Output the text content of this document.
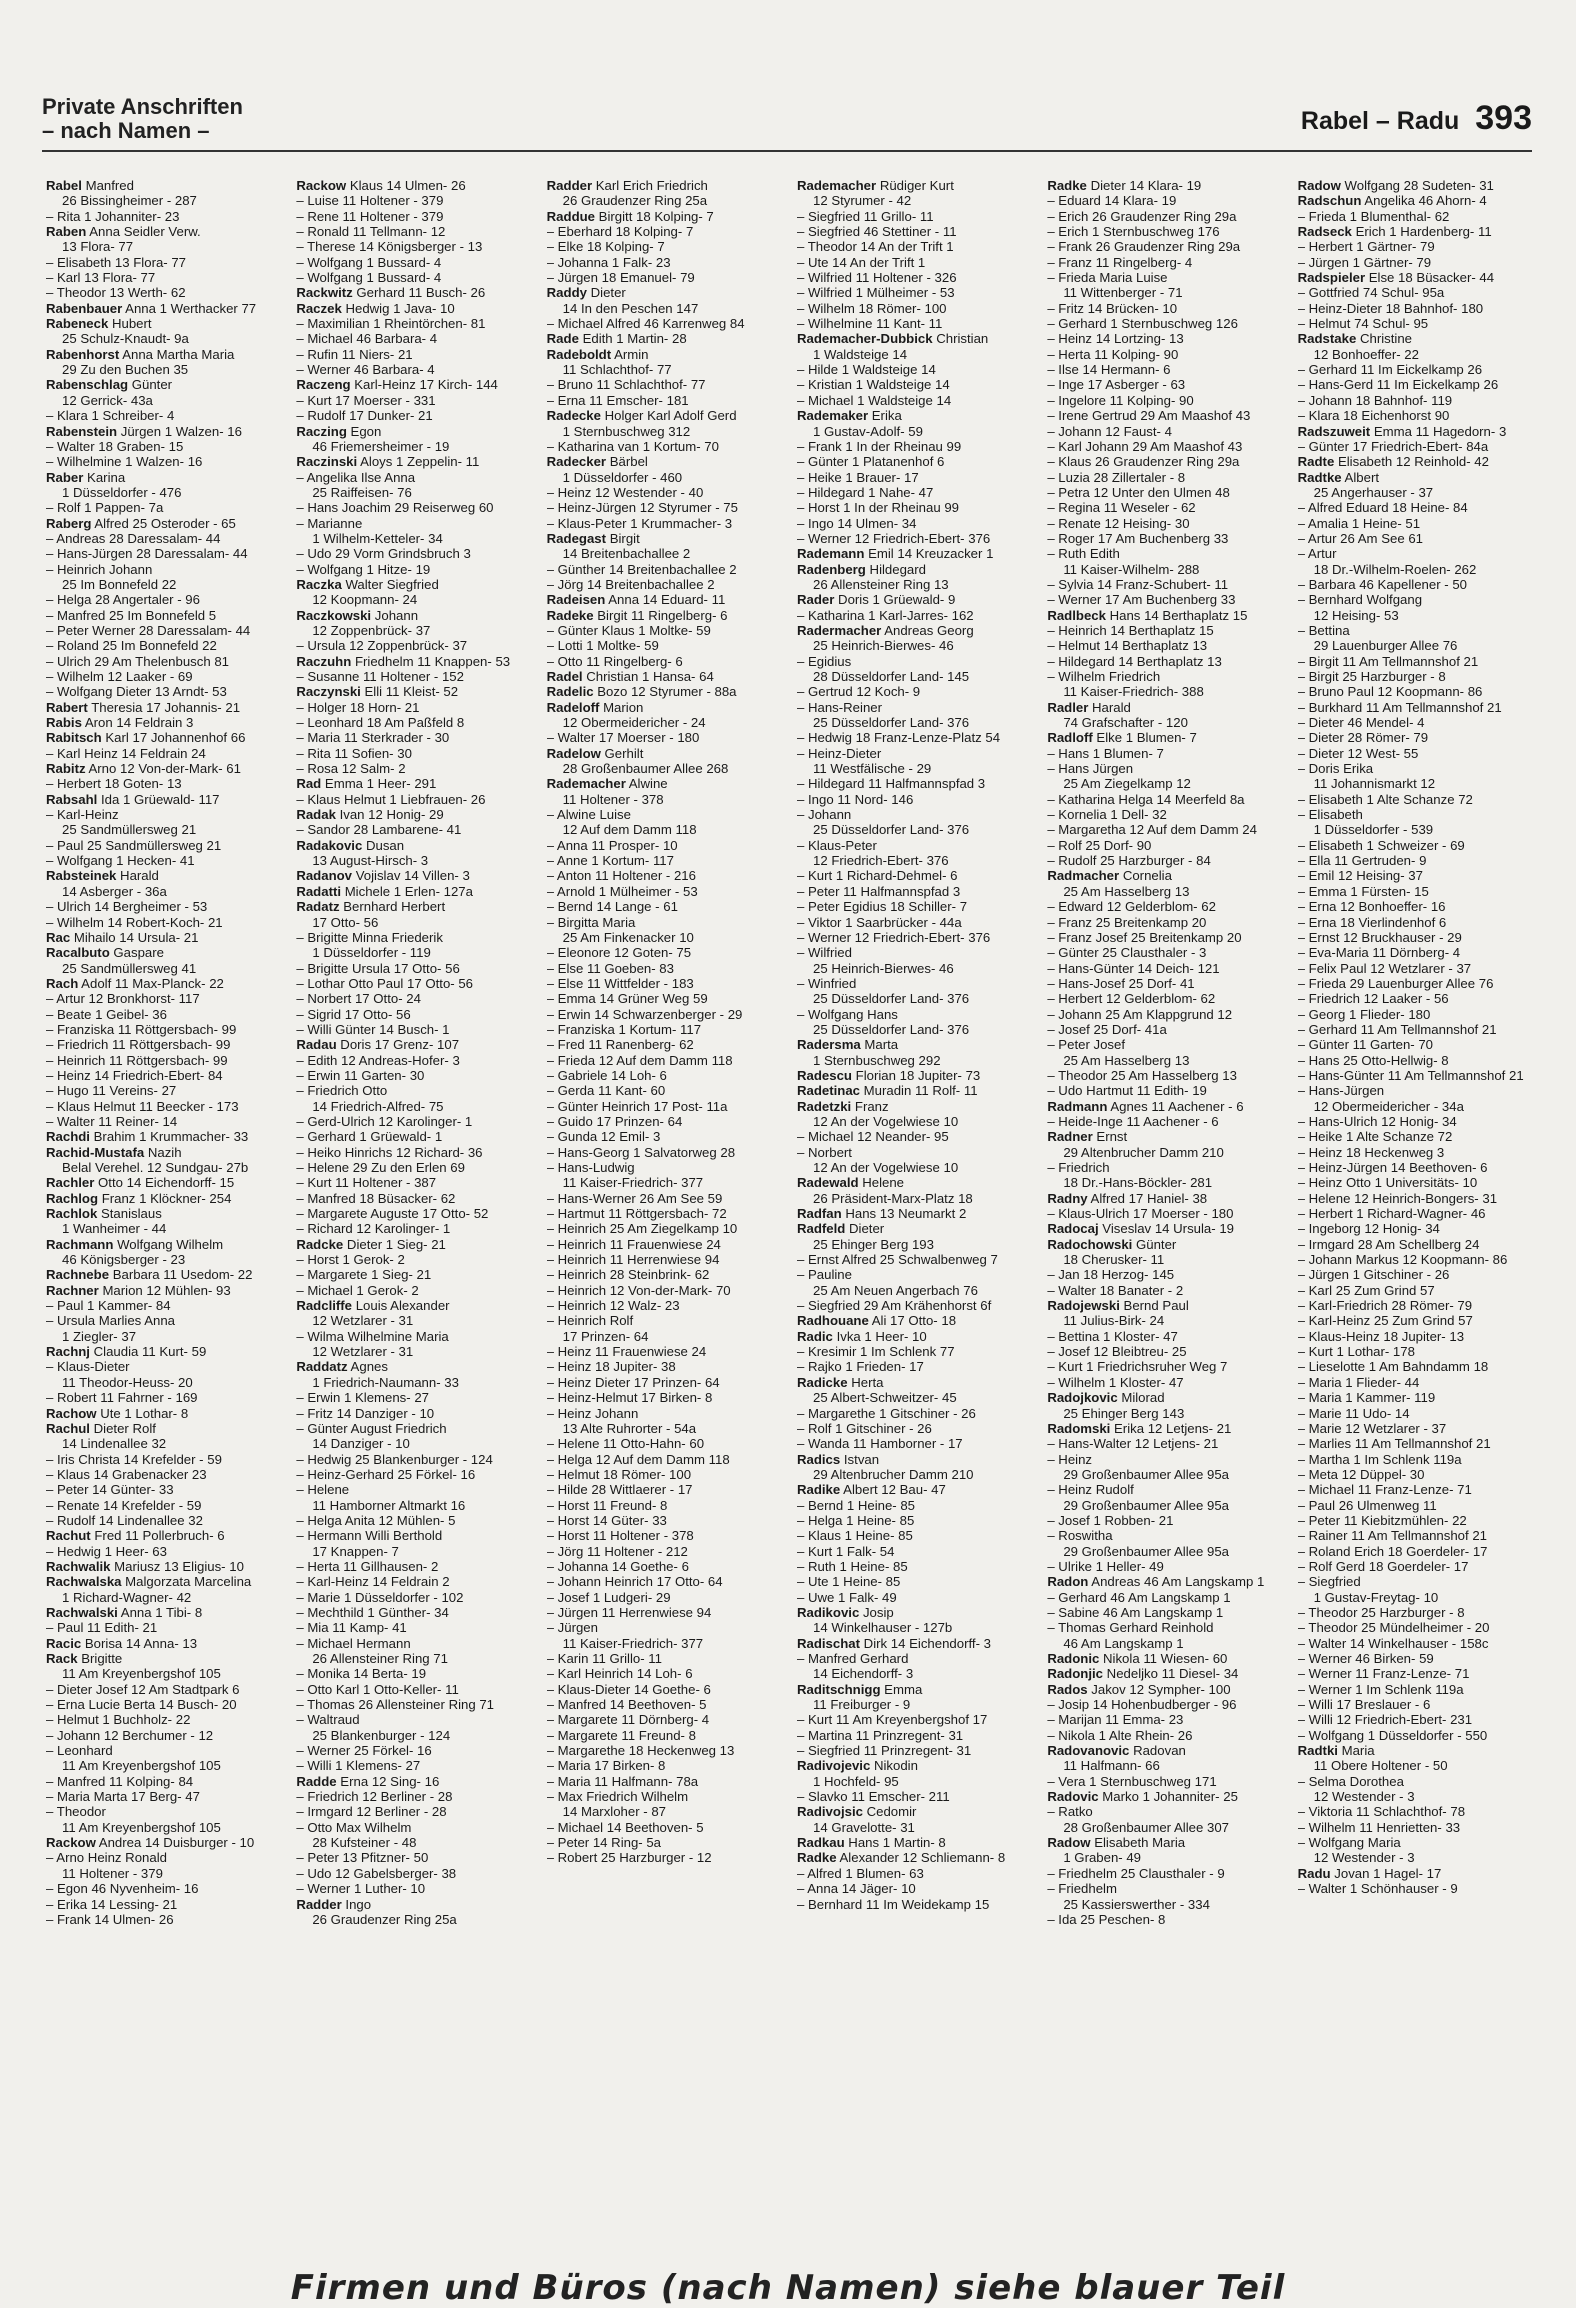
Private Anschriften
– nach Namen –	Rabel – Radu 393
Rabel Manfred
26 Bissingheimer - 287
– Rita 1 Johanniter- 23
Raben Anna Seidler Verw.
13 Flora- 77
– Elisabeth 13 Flora- 77
– Karl 13 Flora- 77
– Theodor 13 Werth- 62
Rabenbauer Anna 1 Werthacker 77
Rabeneck Hubert
25 Schulz-Knaudt- 9a
Rabenhorst Anna Martha Maria
29 Zu den Buchen 35
Rabenschlag Günter
12 Gerrick- 43a
– Klara 1 Schreiber- 4
Rabenstein Jürgen 1 Walzen- 16
– Walter 18 Graben- 15
– Wilhelmine 1 Walzen- 16
Raber Karina
1 Düsseldorfer - 476
– Rolf 1 Pappen- 7a
Raberg Alfred 25 Osteroder - 65
– Andreas 28 Daressalam- 44
– Hans-Jürgen 28 Daressalam- 44
– Heinrich Johann
25 Im Bonnefeld 22
– Helga 28 Angertaler - 96
– Manfred 25 Im Bonnefeld 5
– Peter Werner 28 Daressalam- 44
– Roland 25 Im Bonnefeld 22
– Ulrich 29 Am Thelenbusch 81
– Wilhelm 12 Laaker - 69
– Wolfgang Dieter 13 Arndt- 53
Rabert Theresia 17 Johannis- 21
Rabis Aron 14 Feldrain 3
Rabitsch Karl 17 Johannenhof 66
– Karl Heinz 14 Feldrain 24
Rabitz Arno 12 Von-der-Mark- 61
– Herbert 18 Goten- 13
Rabsahl Ida 1 Grüewald- 117
– Karl-Heinz
25 Sandmüllersweg 21
– Paul 25 Sandmüllersweg 21
– Wolfgang 1 Hecken- 41
Rabsteinek Harald
14 Asberger - 36a
– Ulrich 14 Bergheimer - 53
– Wilhelm 14 Robert-Koch- 21
Rac Mihailo 14 Ursula- 21
Racalbuto Gaspare
25 Sandmüllersweg 41
Rach Adolf 11 Max-Planck- 22
– Artur 12 Bronkhorst- 117
– Beate 1 Geibel- 36
– Franziska 11 Röttgersbach- 99
– Friedrich 11 Röttgersbach- 99
– Heinrich 11 Röttgersbach- 99
– Heinz 14 Friedrich-Ebert- 84
– Hugo 11 Vereins- 27
– Klaus Helmut 11 Beecker - 173
– Walter 11 Reiner- 14
Rachdi Brahim 1 Krummacher- 33
Rachid-Mustafa Nazih
Belal Verehel. 12 Sundgau- 27b
Rachler Otto 14 Eichendorff- 15
Rachlog Franz 1 Klöckner- 254
Rachlok Stanislaus
1 Wanheimer - 44
Rachmann Wolfgang Wilhelm
46 Königsberger - 23
Rachnebe Barbara 11 Usedom- 22
Rachner Marion 12 Mühlen- 93
– Paul 1 Kammer- 84
– Ursula Marlies Anna
1 Ziegler- 37
Rachnj Claudia 11 Kurt- 59
– Klaus-Dieter
11 Theodor-Heuss- 20
– Robert 11 Fahrner - 169
Rachow Ute 1 Lothar- 8
Rachul Dieter Rolf
14 Lindenallee 32
– Iris Christa 14 Krefelder - 59
– Klaus 14 Grabenacker 23
– Peter 14 Günter- 33
– Renate 14 Krefelder - 59
– Rudolf 14 Lindenallee 32
Rachut Fred 11 Pollerbruch- 6
– Hedwig 1 Heer- 63
Rachwalik Mariusz 13 Eligius- 10
Rachwalska Malgorzata Marcelina
1 Richard-Wagner- 42
Rachwalski Anna 1 Tibi- 8
– Paul 11 Edith- 21
Racic Borisa 14 Anna- 13
Rack Brigitte
11 Am Kreyenbergshof 105
– Dieter Josef 12 Am Stadtpark 6
– Erna Lucie Berta 14 Busch- 20
– Helmut 1 Buchholz- 22
– Johann 12 Berchumer - 12
– Leonhard
11 Am Kreyenbergshof 105
– Manfred 11 Kolping- 84
– Maria Marta 17 Berg- 47
– Theodor
11 Am Kreyenbergshof 105
Rackow Andrea 14 Duisburger - 10
– Arno Heinz Ronald
11 Holtener - 379
– Egon 46 Nyvenheim- 16
– Erika 14 Lessing- 21
– Frank 14 Ulmen- 26
Rackow Klaus 14 Ulmen- 26
– Luise 11 Holtener - 379
– Rene 11 Holtener - 379
– Ronald 11 Tellmann- 12
– Therese 14 Königsberger - 13
– Wolfgang 1 Bussard- 4
– Wolfgang 1 Bussard- 4
Rackwitz Gerhard 11 Busch- 26
Raczek Hedwig 1 Java- 10
– Maximilian 1 Rheintörchen- 81
– Michael 46 Barbara- 4
– Rufin 11 Niers- 21
– Werner 46 Barbara- 4
Raczeng Karl-Heinz 17 Kirch- 144
– Kurt 17 Moerser - 331
– Rudolf 17 Dunker- 21
Raczing Egon
46 Friemersheimer - 19
Raczinski Aloys 1 Zeppelin- 11
– Angelika Ilse Anna
25 Raiffeisen- 76
– Hans Joachim 29 Reiserweg 60
– Marianne
1 Wilhelm-Ketteler- 34
– Udo 29 Vorm Grindsbruch 3
– Wolfgang 1 Hitze- 19
Raczka Walter Siegfried
12 Koopmann- 24
Raczkowski Johann
12 Zoppenbrück- 37
– Ursula 12 Zoppenbrück- 37
Raczuhn Friedhelm 11 Knappen- 53
– Susanne 11 Holtener - 152
Raczynski Elli 11 Kleist- 52
– Holger 18 Horn- 21
– Leonhard 18 Am Paßfeld 8
– Maria 11 Sterkrader - 30
– Rita 11 Sofien- 30
– Rosa 12 Salm- 2
Rad Emma 1 Heer- 291
– Klaus Helmut 1 Liebfrauen- 26
Radak Ivan 12 Honig- 29
– Sandor 28 Lambarene- 41
Radakovic Dusan
13 August-Hirsch- 3
Radanov Vojislav 14 Villen- 3
Radatti Michele 1 Erlen- 127a
Radatz Bernhard Herbert
17 Otto- 56
– Brigitte Minna Friederik
1 Düsseldorfer - 119
– Brigitte Ursula 17 Otto- 56
– Lothar Otto Paul 17 Otto- 56
– Norbert 17 Otto- 24
– Sigrid 17 Otto- 56
– Willi Günter 14 Busch- 1
Radau Doris 17 Grenz- 107
– Edith 12 Andreas-Hofer- 3
– Erwin 11 Garten- 30
– Friedrich Otto
14 Friedrich-Alfred- 75
– Gerd-Ulrich 12 Karolinger- 1
– Gerhard 1 Grüewald- 1
– Heiko Hinrichs 12 Richard- 36
– Helene 29 Zu den Erlen 69
– Kurt 11 Holtener - 387
– Manfred 18 Büsacker- 62
– Margarete Auguste 17 Otto- 52
– Richard 12 Karolinger- 1
Radcke Dieter 1 Sieg- 21
– Horst 1 Gerok- 2
– Margarete 1 Sieg- 21
– Michael 1 Gerok- 2
Radcliffe Louis Alexander
12 Wetzlarer - 31
– Wilma Wilhelmine Maria
12 Wetzlarer - 31
Raddatz Agnes
1 Friedrich-Naumann- 33
– Erwin 1 Klemens- 27
– Fritz 14 Danziger - 10
– Günter August Friedrich
14 Danziger - 10
– Hedwig 25 Blankenburger - 124
– Heinz-Gerhard 25 Förkel- 16
– Helene
11 Hamborner Altmarkt 16
– Helga Anita 12 Mühlen- 5
– Hermann Willi Berthold
17 Knappen- 7
– Herta 11 Gillhausen- 2
– Karl-Heinz 14 Feldrain 2
– Marie 1 Düsseldorfer - 102
– Mechthild 1 Günther- 34
– Mia 11 Kamp- 41
– Michael Hermann
26 Allensteiner Ring 71
– Monika 14 Berta- 19
– Otto Karl 1 Otto-Keller- 11
– Thomas 26 Allensteiner Ring 71
– Waltraud
25 Blankenburger - 124
– Werner 25 Förkel- 16
– Willi 1 Klemens- 27
Radde Erna 12 Sing- 16
– Friedrich 12 Berliner - 28
– Irmgard 12 Berliner - 28
– Otto Max Wilhelm
28 Kufsteiner - 48
– Peter 13 Pfitzner- 50
– Udo 12 Gabelsberger- 38
– Werner 1 Luther- 10
Radder Ingo
26 Graudenzer Ring 25a
Radder Karl Erich Friedrich
26 Graudenzer Ring 25a
Raddue Birgitt 18 Kolping- 7
– Eberhard 18 Kolping- 7
– Elke 18 Kolping- 7
– Johanna 1 Falk- 23
– Jürgen 18 Emanuel- 79
Raddy Dieter
14 In den Peschen 147
– Michael Alfred 46 Karrenweg 84
Rade Edith 1 Martin- 28
Radeboldt Armin
11 Schlachthof- 77
– Bruno 11 Schlachthof- 77
– Erna 11 Emscher- 181
Radecke Holger Karl Adolf Gerd
1 Sternbuschweg 312
– Katharina van 1 Kortum- 70
Radecker Bärbel
1 Düsseldorfer - 460
– Heinz 12 Westender - 40
– Heinz-Jürgen 12 Styrumer - 75
– Klaus-Peter 1 Krummacher- 3
Radegast Birgit
14 Breitenbachallee 2
– Günther 14 Breitenbachallee 2
– Jörg 14 Breitenbachallee 2
Radeisen Anna 14 Eduard- 11
Radeke Birgit 11 Ringelberg- 6
– Günter Klaus 1 Moltke- 59
– Lotti 1 Moltke- 59
– Otto 11 Ringelberg- 6
Radel Christian 1 Hansa- 64
Radelic Bozo 12 Styrumer - 88a
Radeloff Marion
12 Obermeidericher - 24
– Walter 17 Moerser - 180
Radelow Gerhilt
28 Großenbaumer Allee 268
Rademacher Alwine
11 Holtener - 378
– Alwine Luise
12 Auf dem Damm 118
– Anna 11 Prosper- 10
– Anne 1 Kortum- 117
– Anton 11 Holtener - 216
– Arnold 1 Mülheimer - 53
– Bernd 14 Lange - 61
– Birgitta Maria
25 Am Finkenacker 10
– Eleonore 12 Goten- 75
– Else 11 Goeben- 83
– Else 11 Wittfelder - 183
– Emma 14 Grüner Weg 59
– Erwin 14 Schwarzenberger - 29
– Franziska 1 Kortum- 117
– Fred 11 Ranenberg- 62
– Frieda 12 Auf dem Damm 118
– Gabriele 14 Loh- 6
– Gerda 11 Kant- 60
– Günter Heinrich 17 Post- 11a
– Guido 17 Prinzen- 64
– Gunda 12 Emil- 3
– Hans-Georg 1 Salvatorweg 28
– Hans-Ludwig
11 Kaiser-Friedrich- 377
– Hans-Werner 26 Am See 59
– Hartmut 11 Röttgersbach- 72
– Heinrich 25 Am Ziegelkamp 10
– Heinrich 11 Frauenwiese 24
– Heinrich 11 Herrenwiese 94
– Heinrich 28 Steinbrink- 62
– Heinrich 12 Von-der-Mark- 70
– Heinrich 12 Walz- 23
– Heinrich Rolf
17 Prinzen- 64
– Heinz 11 Frauenwiese 24
– Heinz 18 Jupiter- 38
– Heinz Dieter 17 Prinzen- 64
– Heinz-Helmut 17 Birken- 8
– Heinz Johann
13 Alte Ruhrorter - 54a
– Helene 11 Otto-Hahn- 60
– Helga 12 Auf dem Damm 118
– Helmut 18 Römer- 100
– Hilde 28 Wittlaerer - 17
– Horst 11 Freund- 8
– Horst 14 Güter- 33
– Horst 11 Holtener - 378
– Jörg 11 Holtener - 212
– Johanna 14 Goethe- 6
– Johann Heinrich 17 Otto- 64
– Josef 1 Ludgeri- 29
– Jürgen 11 Herrenwiese 94
– Jürgen
11 Kaiser-Friedrich- 377
– Karin 11 Grillo- 11
– Karl Heinrich 14 Loh- 6
– Klaus-Dieter 14 Goethe- 6
– Manfred 14 Beethoven- 5
– Margarete 11 Dörnberg- 4
– Margarete 11 Freund- 8
– Margarethe 18 Heckenweg 13
– Maria 17 Birken- 8
– Maria 11 Halfmann- 78a
– Max Friedrich Wilhelm
14 Marxloher - 87
– Michael 14 Beethoven- 5
– Peter 14 Ring- 5a
– Robert 25 Harzburger - 12
Rademacher Rüdiger Kurt
12 Styrumer - 42
– Siegfried 11 Grillo- 11
– Siegfried 46 Stettiner - 11
– Theodor 14 An der Trift 1
– Ute 14 An der Trift 1
– Wilfried 11 Holtener - 326
– Wilfried 1 Mülheimer - 53
– Wilhelm 18 Römer- 100
– Wilhelmine 11 Kant- 11
Rademacher-Dubbick Christian
1 Waldsteige 14
– Hilde 1 Waldsteige 14
– Kristian 1 Waldsteige 14
– Michael 1 Waldsteige 14
Rademaker Erika
1 Gustav-Adolf- 59
– Frank 1 In der Rheinau 99
– Günter 1 Platanenhof 6
– Heike 1 Brauer- 17
– Hildegard 1 Nahe- 47
– Horst 1 In der Rheinau 99
– Ingo 14 Ulmen- 34
– Werner 12 Friedrich-Ebert- 376
Rademann Emil 14 Kreuzacker 1
Radenberg Hildegard
26 Allensteiner Ring 13
Rader Doris 1 Grüewald- 9
– Katharina 1 Karl-Jarres- 162
Radermacher Andreas Georg
25 Heinrich-Bierwes- 46
– Egidius
28 Düsseldorfer Land- 145
– Gertrud 12 Koch- 9
– Hans-Reiner
25 Düsseldorfer Land- 376
– Hedwig 18 Franz-Lenze-Platz 54
– Heinz-Dieter
11 Westfälische - 29
– Hildegard 11 Halfmannspfad 3
– Ingo 11 Nord- 146
– Johann
25 Düsseldorfer Land- 376
– Klaus-Peter
12 Friedrich-Ebert- 376
– Kurt 1 Richard-Dehmel- 6
– Peter 11 Halfmannspfad 3
– Peter Egidius 18 Schiller- 7
– Viktor 1 Saarbrücker - 44a
– Werner 12 Friedrich-Ebert- 376
– Wilfried
25 Heinrich-Bierwes- 46
– Winfried
25 Düsseldorfer Land- 376
– Wolfgang Hans
25 Düsseldorfer Land- 376
Radersma Marta
1 Sternbuschweg 292
Radescu Florian 18 Jupiter- 73
Radetinac Muradin 11 Rolf- 11
Radetzki Franz
12 An der Vogelwiese 10
– Michael 12 Neander- 95
– Norbert
12 An der Vogelwiese 10
Radewald Helene
26 Präsident-Marx-Platz 18
Radfan Hans 13 Neumarkt 2
Radfeld Dieter
25 Ehinger Berg 193
– Ernst Alfred 25 Schwalbenweg 7
– Pauline
25 Am Neuen Angerbach 76
– Siegfried 29 Am Krähenhorst 6f
Radhouane Ali 17 Otto- 18
Radic Ivka 1 Heer- 10
– Kresimir 1 Im Schlenk 77
– Rajko 1 Frieden- 17
Radicke Herta
25 Albert-Schweitzer- 45
– Margarethe 1 Gitschiner - 26
– Rolf 1 Gitschiner - 26
– Wanda 11 Hamborner - 17
Radics Istvan
29 Altenbrucher Damm 210
Radike Albert 12 Bau- 47
– Bernd 1 Heine- 85
– Helga 1 Heine- 85
– Klaus 1 Heine- 85
– Kurt 1 Falk- 54
– Ruth 1 Heine- 85
– Ute 1 Heine- 85
– Uwe 1 Falk- 49
Radikovic Josip
14 Winkelhauser - 127b
Radischat Dirk 14 Eichendorff- 3
– Manfred Gerhard
14 Eichendorff- 3
Raditschnigg Emma
11 Freiburger - 9
– Kurt 11 Am Kreyenbergshof 17
– Martina 11 Prinzregent- 31
– Siegfried 11 Prinzregent- 31
Radivojevic Nikodin
1 Hochfeld- 95
– Slavko 11 Emscher- 211
Radivojsic Cedomir
14 Gravelotte- 31
Radkau Hans 1 Martin- 8
Radke Alexander 12 Schliemann- 8
– Alfred 1 Blumen- 63
– Anna 14 Jäger- 10
– Bernhard 11 Im Weidekamp 15
Radke Dieter 14 Klara- 19
– Eduard 14 Klara- 19
– Erich 26 Graudenzer Ring 29a
– Erich 1 Sternbuschweg 176
– Frank 26 Graudenzer Ring 29a
– Franz 11 Ringelberg- 4
– Frieda Maria Luise
11 Wittenberger - 71
– Fritz 14 Brücken- 10
– Gerhard 1 Sternbuschweg 126
– Heinz 14 Lortzing- 13
– Herta 11 Kolping- 90
– Ilse 14 Hermann- 6
– Inge 17 Asberger - 63
– Ingelore 11 Kolping- 90
– Irene Gertrud 29 Am Maashof 43
– Johann 12 Faust- 4
– Karl Johann 29 Am Maashof 43
– Klaus 26 Graudenzer Ring 29a
– Luzia 28 Zillertaler - 8
– Petra 12 Unter den Ulmen 48
– Regina 11 Weseler - 62
– Renate 12 Heising- 30
– Roger 17 Am Buchenberg 33
– Ruth Edith
11 Kaiser-Wilhelm- 288
– Sylvia 14 Franz-Schubert- 11
– Werner 17 Am Buchenberg 33
Radlbeck Hans 14 Berthaplatz 15
– Heinrich 14 Berthaplatz 15
– Helmut 14 Berthaplatz 13
– Hildegard 14 Berthaplatz 13
– Wilhelm Friedrich
11 Kaiser-Friedrich- 388
Radler Harald
74 Grafschafter - 120
Radloff Elke 1 Blumen- 7
– Hans 1 Blumen- 7
– Hans Jürgen
25 Am Ziegelkamp 12
– Katharina Helga 14 Meerfeld 8a
– Kornelia 1 Dell- 32
– Margaretha 12 Auf dem Damm 24
– Rolf 25 Dorf- 90
– Rudolf 25 Harzburger - 84
Radmacher Cornelia
25 Am Hasselberg 13
– Edward 12 Gelderblom- 62
– Franz 25 Breitenkamp 20
– Franz Josef 25 Breitenkamp 20
– Günter 25 Clausthaler - 3
– Hans-Günter 14 Deich- 121
– Hans-Josef 25 Dorf- 41
– Herbert 12 Gelderblom- 62
– Johann 25 Am Klappgrund 12
– Josef 25 Dorf- 41a
– Peter Josef
25 Am Hasselberg 13
– Theodor 25 Am Hasselberg 13
– Udo Hartmut 11 Edith- 19
Radmann Agnes 11 Aachener - 6
– Heide-Inge 11 Aachener - 6
Radner Ernst
29 Altenbrucher Damm 210
– Friedrich
18 Dr.-Hans-Böckler- 281
Radny Alfred 17 Haniel- 38
– Klaus-Ulrich 17 Moerser - 180
Radocaj Viseslav 14 Ursula- 19
Radochowski Günter
18 Cherusker- 11
– Jan 18 Herzog- 145
– Walter 18 Banater - 2
Radojewski Bernd Paul
11 Julius-Birk- 24
– Bettina 1 Kloster- 47
– Josef 12 Bleibtreu- 25
– Kurt 1 Friedrichsruher Weg 7
– Wilhelm 1 Kloster- 47
Radojkovic Milorad
25 Ehinger Berg 143
Radomski Erika 12 Letjens- 21
– Hans-Walter 12 Letjens- 21
– Heinz
29 Großenbaumer Allee 95a
– Heinz Rudolf
29 Großenbaumer Allee 95a
– Josef 1 Robben- 21
– Roswitha
29 Großenbaumer Allee 95a
– Ulrike 1 Heller- 49
Radon Andreas 46 Am Langskamp 1
– Gerhard 46 Am Langskamp 1
– Sabine 46 Am Langskamp 1
– Thomas Gerhard Reinhold
46 Am Langskamp 1
Radonic Nikola 11 Wiesen- 60
Radonjic Nedeljko 11 Diesel- 34
Rados Jakov 12 Sympher- 100
– Josip 14 Hohenbudberger - 96
– Marijan 11 Emma- 23
– Nikola 1 Alte Rhein- 26
Radovanovic Radovan
11 Halfmann- 66
– Vera 1 Sternbuschweg 171
Radovic Marko 1 Johanniter- 25
– Ratko
28 Großenbaumer Allee 307
Radow Elisabeth Maria
1 Graben- 49
– Friedhelm 25 Clausthaler - 9
– Friedhelm
25 Kassierswerther - 334
– Ida 25 Peschen- 8
Radow Wolfgang 28 Sudeten- 31
Radschun Angelika 46 Ahorn- 4
– Frieda 1 Blumenthal- 62
Radseck Erich 1 Hardenberg- 11
– Herbert 1 Gärtner- 79
– Jürgen 1 Gärtner- 79
Radspieler Else 18 Büsacker- 44
– Gottfried 74 Schul- 95a
– Heinz-Dieter 18 Bahnhof- 180
– Helmut 74 Schul- 95
Radstake Christine
12 Bonhoeffer- 22
– Gerhard 11 Im Eickelkamp 26
– Hans-Gerd 11 Im Eickelkamp 26
– Johann 18 Bahnhof- 119
– Klara 18 Eichenhorst 90
Radszuweit Emma 11 Hagedorn- 3
– Günter 17 Friedrich-Ebert- 84a
Radte Elisabeth 12 Reinhold- 42
Radtke Albert
25 Angerhauser - 37
– Alfred Eduard 18 Heine- 84
– Amalia 1 Heine- 51
– Artur 26 Am See 61
– Artur
18 Dr.-Wilhelm-Roelen- 262
– Barbara 46 Kapellener - 50
– Bernhard Wolfgang
12 Heising- 53
– Bettina
29 Lauenburger Allee 76
– Birgit 11 Am Tellmannshof 21
– Birgit 25 Harzburger - 8
– Bruno Paul 12 Koopmann- 86
– Burkhard 11 Am Tellmannshof 21
– Dieter 46 Mendel- 4
– Dieter 28 Römer- 79
– Dieter 12 West- 55
– Doris Erika
11 Johannismarkt 12
– Elisabeth 1 Alte Schanze 72
– Elisabeth
1 Düsseldorfer - 539
– Elisabeth 1 Schweizer - 69
– Ella 11 Gertruden- 9
– Emil 12 Heising- 37
– Emma 1 Fürsten- 15
– Erna 12 Bonhoeffer- 16
– Erna 18 Vierlindenhof 6
– Ernst 12 Bruckhauser - 29
– Eva-Maria 11 Dörnberg- 4
– Felix Paul 12 Wetzlarer - 37
– Frieda 29 Lauenburger Allee 76
– Friedrich 12 Laaker - 56
– Georg 1 Flieder- 180
– Gerhard 11 Am Tellmannshof 21
– Günter 11 Garten- 70
– Hans 25 Otto-Hellwig- 8
– Hans-Günter 11 Am Tellmannshof 21
– Hans-Jürgen
12 Obermeidericher - 34a
– Hans-Ulrich 12 Honig- 34
– Heike 1 Alte Schanze 72
– Heinz 18 Heckenweg 3
– Heinz-Jürgen 14 Beethoven- 6
– Heinz Otto 1 Universitäts- 10
– Helene 12 Heinrich-Bongers- 31
– Herbert 1 Richard-Wagner- 46
– Ingeborg 12 Honig- 34
– Irmgard 28 Am Schellberg 24
– Johann Markus 12 Koopmann- 86
– Jürgen 1 Gitschiner - 26
– Karl 25 Zum Grind 57
– Karl-Friedrich 28 Römer- 79
– Karl-Heinz 25 Zum Grind 57
– Klaus-Heinz 18 Jupiter- 13
– Kurt 1 Lothar- 178
– Lieselotte 1 Am Bahndamm 18
– Maria 1 Flieder- 44
– Maria 1 Kammer- 119
– Marie 11 Udo- 14
– Marie 12 Wetzlarer - 37
– Marlies 11 Am Tellmannshof 21
– Martha 1 Im Schlenk 119a
– Meta 12 Düppel- 30
– Michael 11 Franz-Lenze- 71
– Paul 26 Ulmenweg 11
– Peter 11 Kiebitzmühlen- 22
– Rainer 11 Am Tellmannshof 21
– Roland Erich 18 Goerdeler- 17
– Rolf Gerd 18 Goerdeler- 17
– Siegfried
1 Gustav-Freytag- 10
– Theodor 25 Harzburger - 8
– Theodor 25 Mündelheimer - 20
– Walter 14 Winkelhauser - 158c
– Werner 46 Birken- 59
– Werner 11 Franz-Lenze- 71
– Werner 1 Im Schlenk 119a
– Willi 17 Breslauer - 6
– Willi 12 Friedrich-Ebert- 231
– Wolfgang 1 Düsseldorfer - 550
Radtki Maria
11 Obere Holtener - 50
– Selma Dorothea
12 Westender - 3
– Viktoria 11 Schlachthof- 78
– Wilhelm 11 Henrietten- 33
– Wolfgang Maria
12 Westender - 3
Radu Jovan 1 Hagel- 17
– Walter 1 Schönhauser - 9
Firmen und Büros (nach Namen) siehe blauer Teil
